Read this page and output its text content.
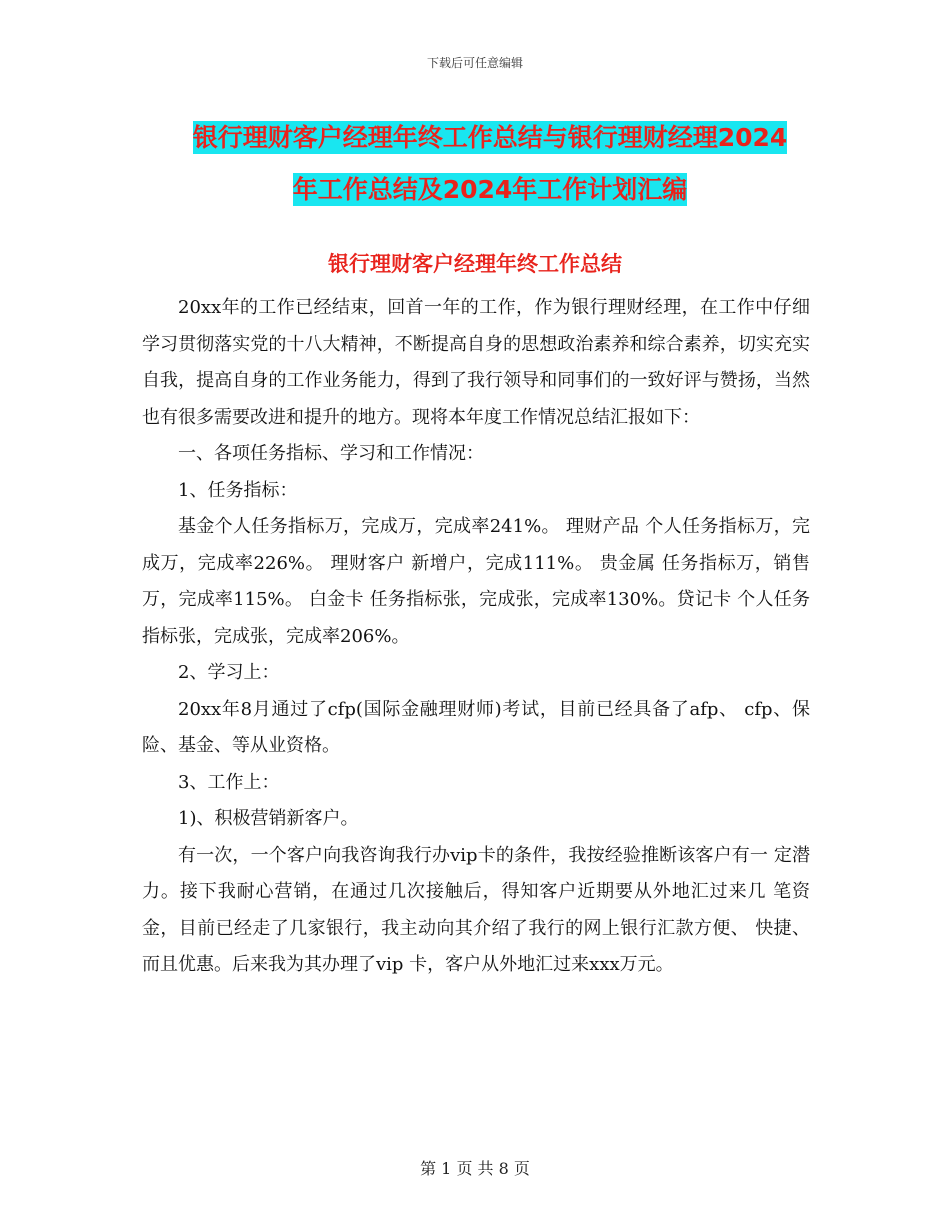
下载后可任意编辑
银行理财客户经理年终工作总结与银行理财经理2024
年工作总结及2024年工作计划汇编
银行理财客户经理年终工作总结

20xx年的工作已经结束，回首一年的工作，作为银行理财经理，在工作中仔细学习贯彻落实党的十八大精神，不断提高自身的思想政治素养和综合素养，切实充实自我，提高自身的工作业务能力，得到了我行领导和同事们的一致好评与赞扬，当然也有很多需要改进和提升的地方。现将本年度工作情况总结汇报如下：

一、各项任务指标、学习和工作情况：

1、任务指标：

基金个人任务指标万，完成万，完成率241%。 理财产品 个人任务指标万，完成万，完成率226%。 理财客户 新增户，完成111%。 贵金属 任务指标万，销售万，完成率115%。 白金卡 任务指标张，完成张，完成率130%。贷记卡 个人任务指标张，完成张，完成率206%。

2、学习上：

20xx年8月通过了cfp(国际金融理财师)考试，目前已经具备了afp、 cfp、保险、基金、等从业资格。

3、工作上：

1)、积极营销新客户。

有一次，一个客户向我咨询我行办vip卡的条件，我按经验推断该客户有一 定潜力。接下我耐心营销，在通过几次接触后，得知客户近期要从外地汇过来几 笔资金，目前已经走了几家银行，我主动向其介绍了我行的网上银行汇款方便、 快捷、而且优惠。后来我为其办理了vip 卡，客户从外地汇过来xxx万元。

第 1 页 共 8 页
